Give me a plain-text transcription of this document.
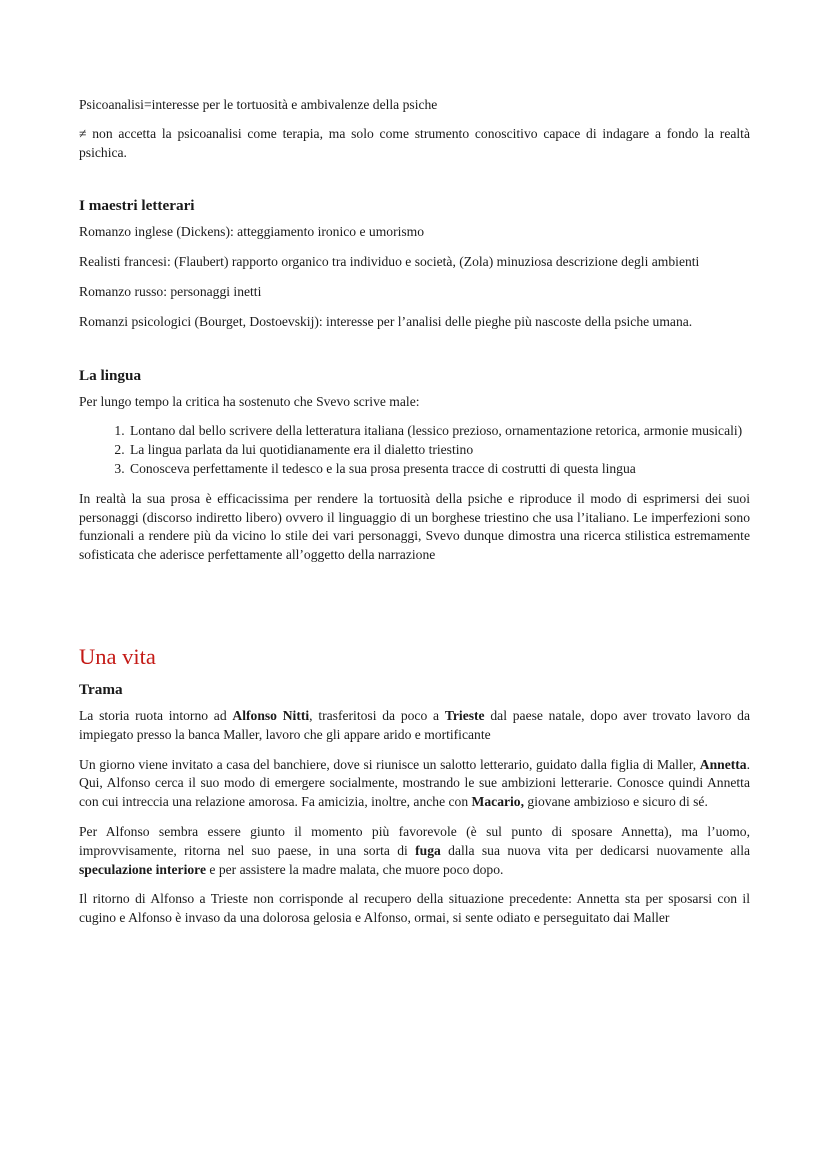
Psicoanalisi=interesse per le tortuosità e ambivalenze della psiche

≠ non accetta la psicoanalisi come terapia, ma solo come strumento conoscitivo capace di indagare a fondo la realtà psichica.

I maestri letterari

Romanzo inglese (Dickens): atteggiamento ironico e umorismo

Realisti francesi: (Flaubert) rapporto organico tra individuo e società, (Zola) minuziosa descrizione degli ambienti

Romanzo russo: personaggi inetti

Romanzi psicologici (Bourget, Dostoevskij): interesse per l’analisi delle pieghe più nascoste della psiche umana.

La lingua

Per lungo tempo la critica ha sostenuto che Svevo scrive male:

1. Lontano dal bello scrivere della letteratura italiana (lessico prezioso, ornamentazione retorica, armonie musicali)
2. La lingua parlata da lui quotidianamente era il dialetto triestino
3. Conosceva perfettamente il tedesco e la sua prosa presenta tracce di costrutti di questa lingua

In realtà la sua prosa è efficacissima per rendere la tortuosità della psiche e riproduce il modo di esprimersi dei suoi personaggi (discorso indiretto libero) ovvero il linguaggio di un borghese triestino che usa l’italiano. Le imperfezioni sono funzionali a rendere più da vicino lo stile dei vari personaggi, Svevo dunque dimostra una ricerca stilistica estremamente sofisticata che aderisce perfettamente all’oggetto della narrazione

Una vita
Trama

La storia ruota intorno ad Alfonso Nitti, trasferitosi da poco a Trieste dal paese natale, dopo aver trovato lavoro da impiegato presso la banca Maller, lavoro che gli appare arido e mortificante

Un giorno viene invitato a casa del banchiere, dove si riunisce un salotto letterario, guidato dalla figlia di Maller, Annetta. Qui, Alfonso cerca il suo modo di emergere socialmente, mostrando le sue ambizioni letterarie. Conosce quindi Annetta con cui intreccia una relazione amorosa. Fa amicizia, inoltre, anche con Macario, giovane ambizioso e sicuro di sé.

Per Alfonso sembra essere giunto il momento più favorevole (è sul punto di sposare Annetta), ma l’uomo, improvvisamente, ritorna nel suo paese, in una sorta di fuga dalla sua nuova vita per dedicarsi nuovamente alla speculazione interiore e per assistere la madre malata, che muore poco dopo.

Il ritorno di Alfonso a Trieste non corrisponde al recupero della situazione precedente: Annetta sta per sposarsi con il cugino e Alfonso è invaso da una dolorosa gelosia e Alfonso, ormai, si sente odiato e perseguitato dai Maller
